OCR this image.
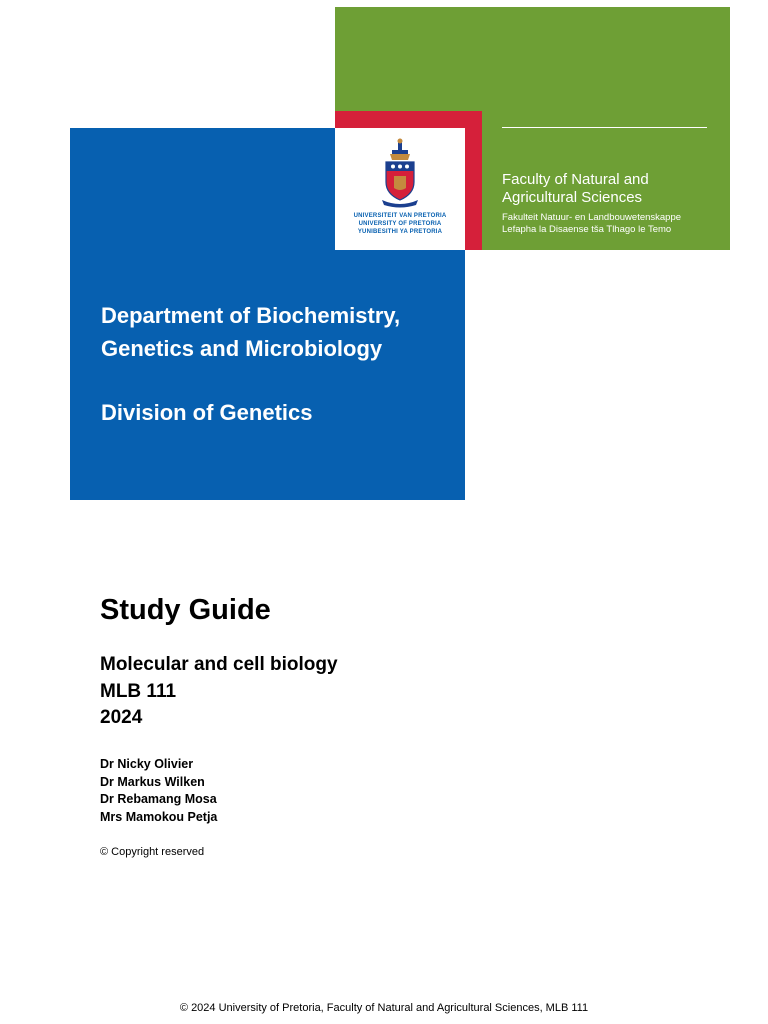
Faculty of Natural and
Agricultural Sciences
Fakulteit Natuur- en Landbouwetenskappe
Lefapha la Disaense tša Tlhago le Temo
Department of Biochemistry,
Genetics and Microbiology
Division of Genetics
UNIVERSITEIT VAN PRETORIA
UNIVERSITY OF PRETORIA
YUNIBESITHI YA PRETORIA
Study Guide
Molecular and cell biology
MLB 111
2024
Dr Nicky Olivier
Dr Markus Wilken
Dr Rebamang Mosa
Mrs Mamokou Petja
© Copyright reserved
© 2024 University of Pretoria, Faculty of Natural and Agricultural Sciences, MLB 111
